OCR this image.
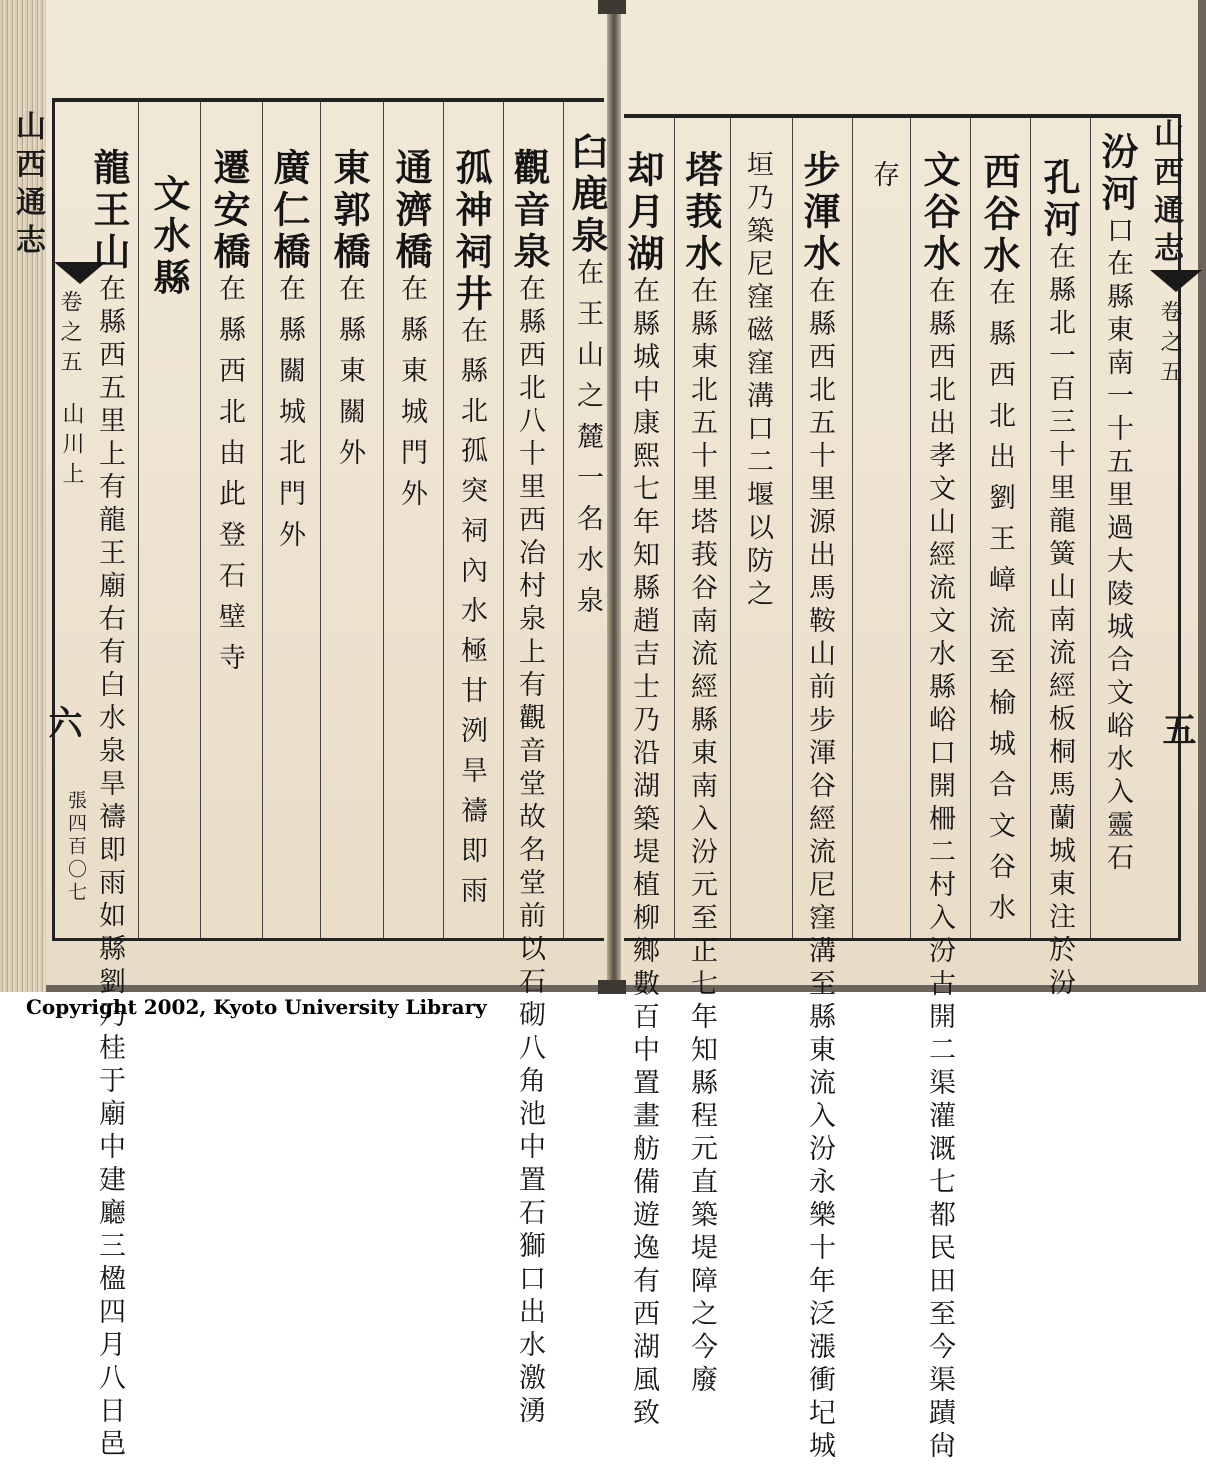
山西通志
卷之五
山川上
六
張四百〇七
山西通志
卷之五
五
汾河口在縣東南一十五里過大陵城合文峪水入靈石
孔河在縣北一百三十里龍簧山南流經板桐馬蘭城東注於汾
西谷水在縣西北出劉王嶂流至榆城合文谷水
文谷水在縣西北出孝文山經流文水縣峪口開柵二村入汾古開二渠灌溉七都民田至今渠蹟尙
存
步渾水在縣西北五十里源出馬鞍山前步渾谷經流尼窪溝至縣東流入汾永樂十年泛漲衝圮城
垣乃築尼窪磁窪溝口二堰以防之
塔莪水在縣東北五十里塔莪谷南流經縣東南入汾元至正七年知縣程元直築堤障之今廢
却月湖在縣城中康熙七年知縣趙吉士乃沿湖築堤植柳鄉數百中置畫舫備遊逸有西湖風致
臼鹿泉在王山之麓一名水泉
觀音泉在縣西北八十里西冶村泉上有觀音堂故名堂前以石砌八角池中置石獅口出水激湧
孤神祠井在縣北孤突祠內水極甘洌旱禱即雨
通濟橋在縣東城門外
東郭橋在縣東關外
廣仁橋在縣關城北門外
遷安橋在縣西北由此登石壁寺
文水縣
龍王山在縣西五里上有龍王廟右有白水泉旱禱即雨如縣劉乃桂于廟中建廳三楹四月八日邑
Copyright 2002, Kyoto University Library
